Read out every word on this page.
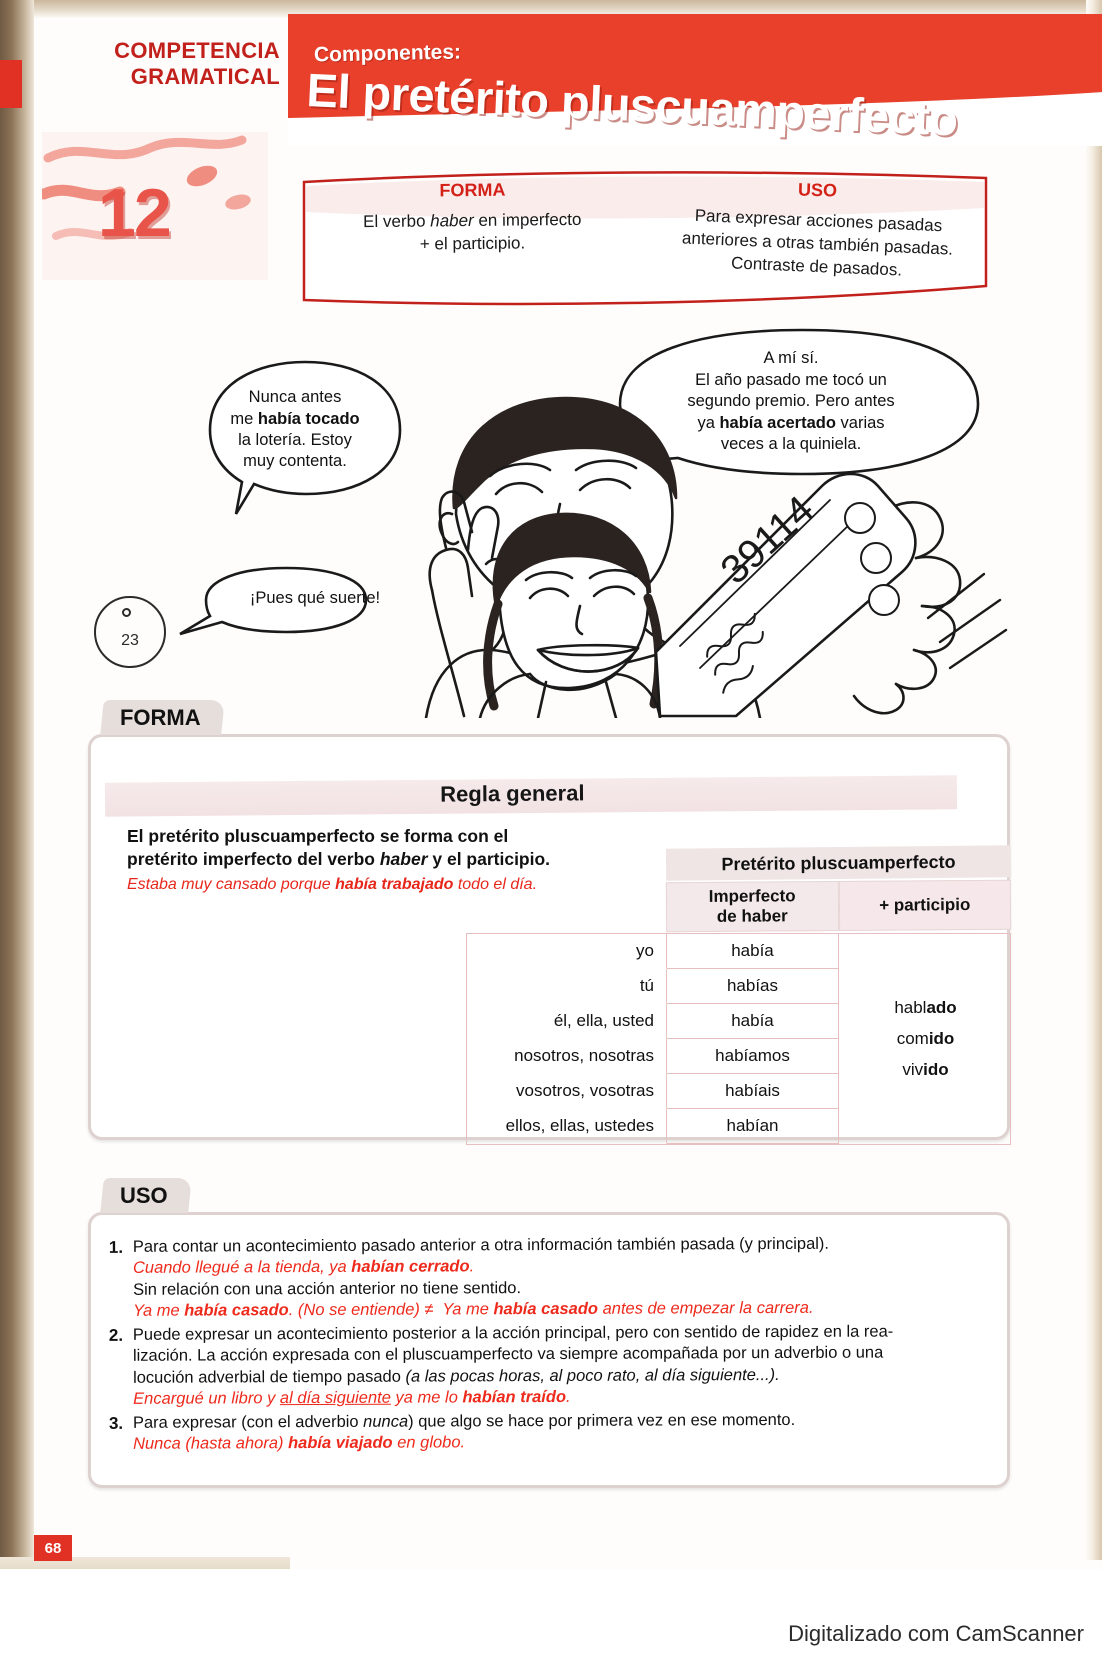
COMPETENCIA
GRAMATICAL
Componentes:
El pretérito pluscuamperfecto
12	FORMA	USO
El verbo haber en imperfecto
+ el participio.
Para expresar acciones pasadas
anteriores a otras también pasadas.
Contraste de pasados.
39114
Nunca antes
me había tocado
la lotería. Estoy
muy contenta.
A mí sí.
El año pasado me tocó un
segundo premio. Pero antes
ya había acertado varias
veces a la quiniela.
¡Pues qué suerte!
23
FORMA
Regla general
El pretérito pluscuamperfecto se forma con el
pretérito imperfecto del verbo haber y el participio.
Estaba muy cansado porque había trabajado todo el día.
Pretérito pluscuamperfecto
Imperfecto
de haber
+ participio
yo	había
hablado
comido
vivido
tú	habías
él, ella, usted	había
nosotros, nosotras	habíamos
vosotros, vosotras	habíais
ellos, ellas, ustedes	habían
USO
1. Para contar un acontecimiento pasado anterior a otra información también pasada (y principal).
Cuando llegué a la tienda, ya habían cerrado.
Sin relación con una acción anterior no tiene sentido.
Ya me había casado. (No se entiende) ≠  Ya me había casado antes de empezar la carrera.
2. Puede expresar un acontecimiento posterior a la acción principal, pero con sentido de rapidez en la rea-
lización. La acción expresada con el pluscuamperfecto va siempre acompañada por un adverbio o una
locución adverbial de tiempo pasado (a las pocas horas, al poco rato, al día siguiente...).
Encargué un libro y al día siguiente ya me lo habían traído.
3. Para expresar (con el adverbio nunca) que algo se hace por primera vez en ese momento.
Nunca (hasta ahora) había viajado en globo.
68
Digitalizado com CamScanner
